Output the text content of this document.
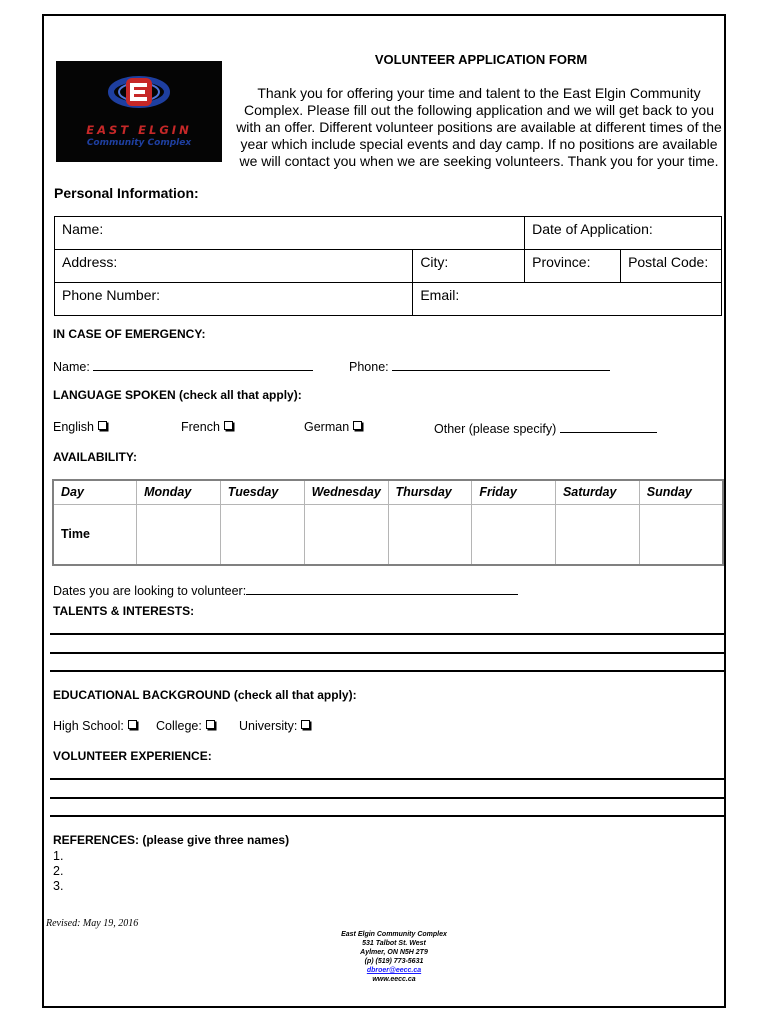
EAST ELGIN
Community Complex
VOLUNTEER APPLICATION FORM
Thank you for offering your time and talent to the East Elgin Community Complex. Please fill out the following application and we will get back to you with an offer. Different volunteer positions are available at different times of the year which include special events and day camp. If no positions are available we will contact you when we are seeking volunteers. Thank you for your time.
Personal Information:
Name:		Date of Application:	
Address:	City:	Province:	Postal Code:
Phone Number:	Email:		
IN CASE OF EMERGENCY:
Name:	Phone:
LANGUAGE SPOKEN (check all that apply):
English	French	German	Other (please specify)
AVAILABILITY:
Day	Monday	Tuesday	Wednesday	Thursday	Friday	Saturday	Sunday
Time							
Dates you are looking to volunteer:
TALENTS & INTERESTS:
EDUCATIONAL BACKGROUND (check all that apply):
High School:	College:	University:
VOLUNTEER EXPERIENCE:
REFERENCES: (please give three names)
1.
2.
3.
Revised: May 19, 2016
East Elgin Community Complex
531 Talbot St. West
Aylmer, ON N5H 2T9
(p) (519) 773-5631
dbroer@eecc.ca
www.eecc.ca
